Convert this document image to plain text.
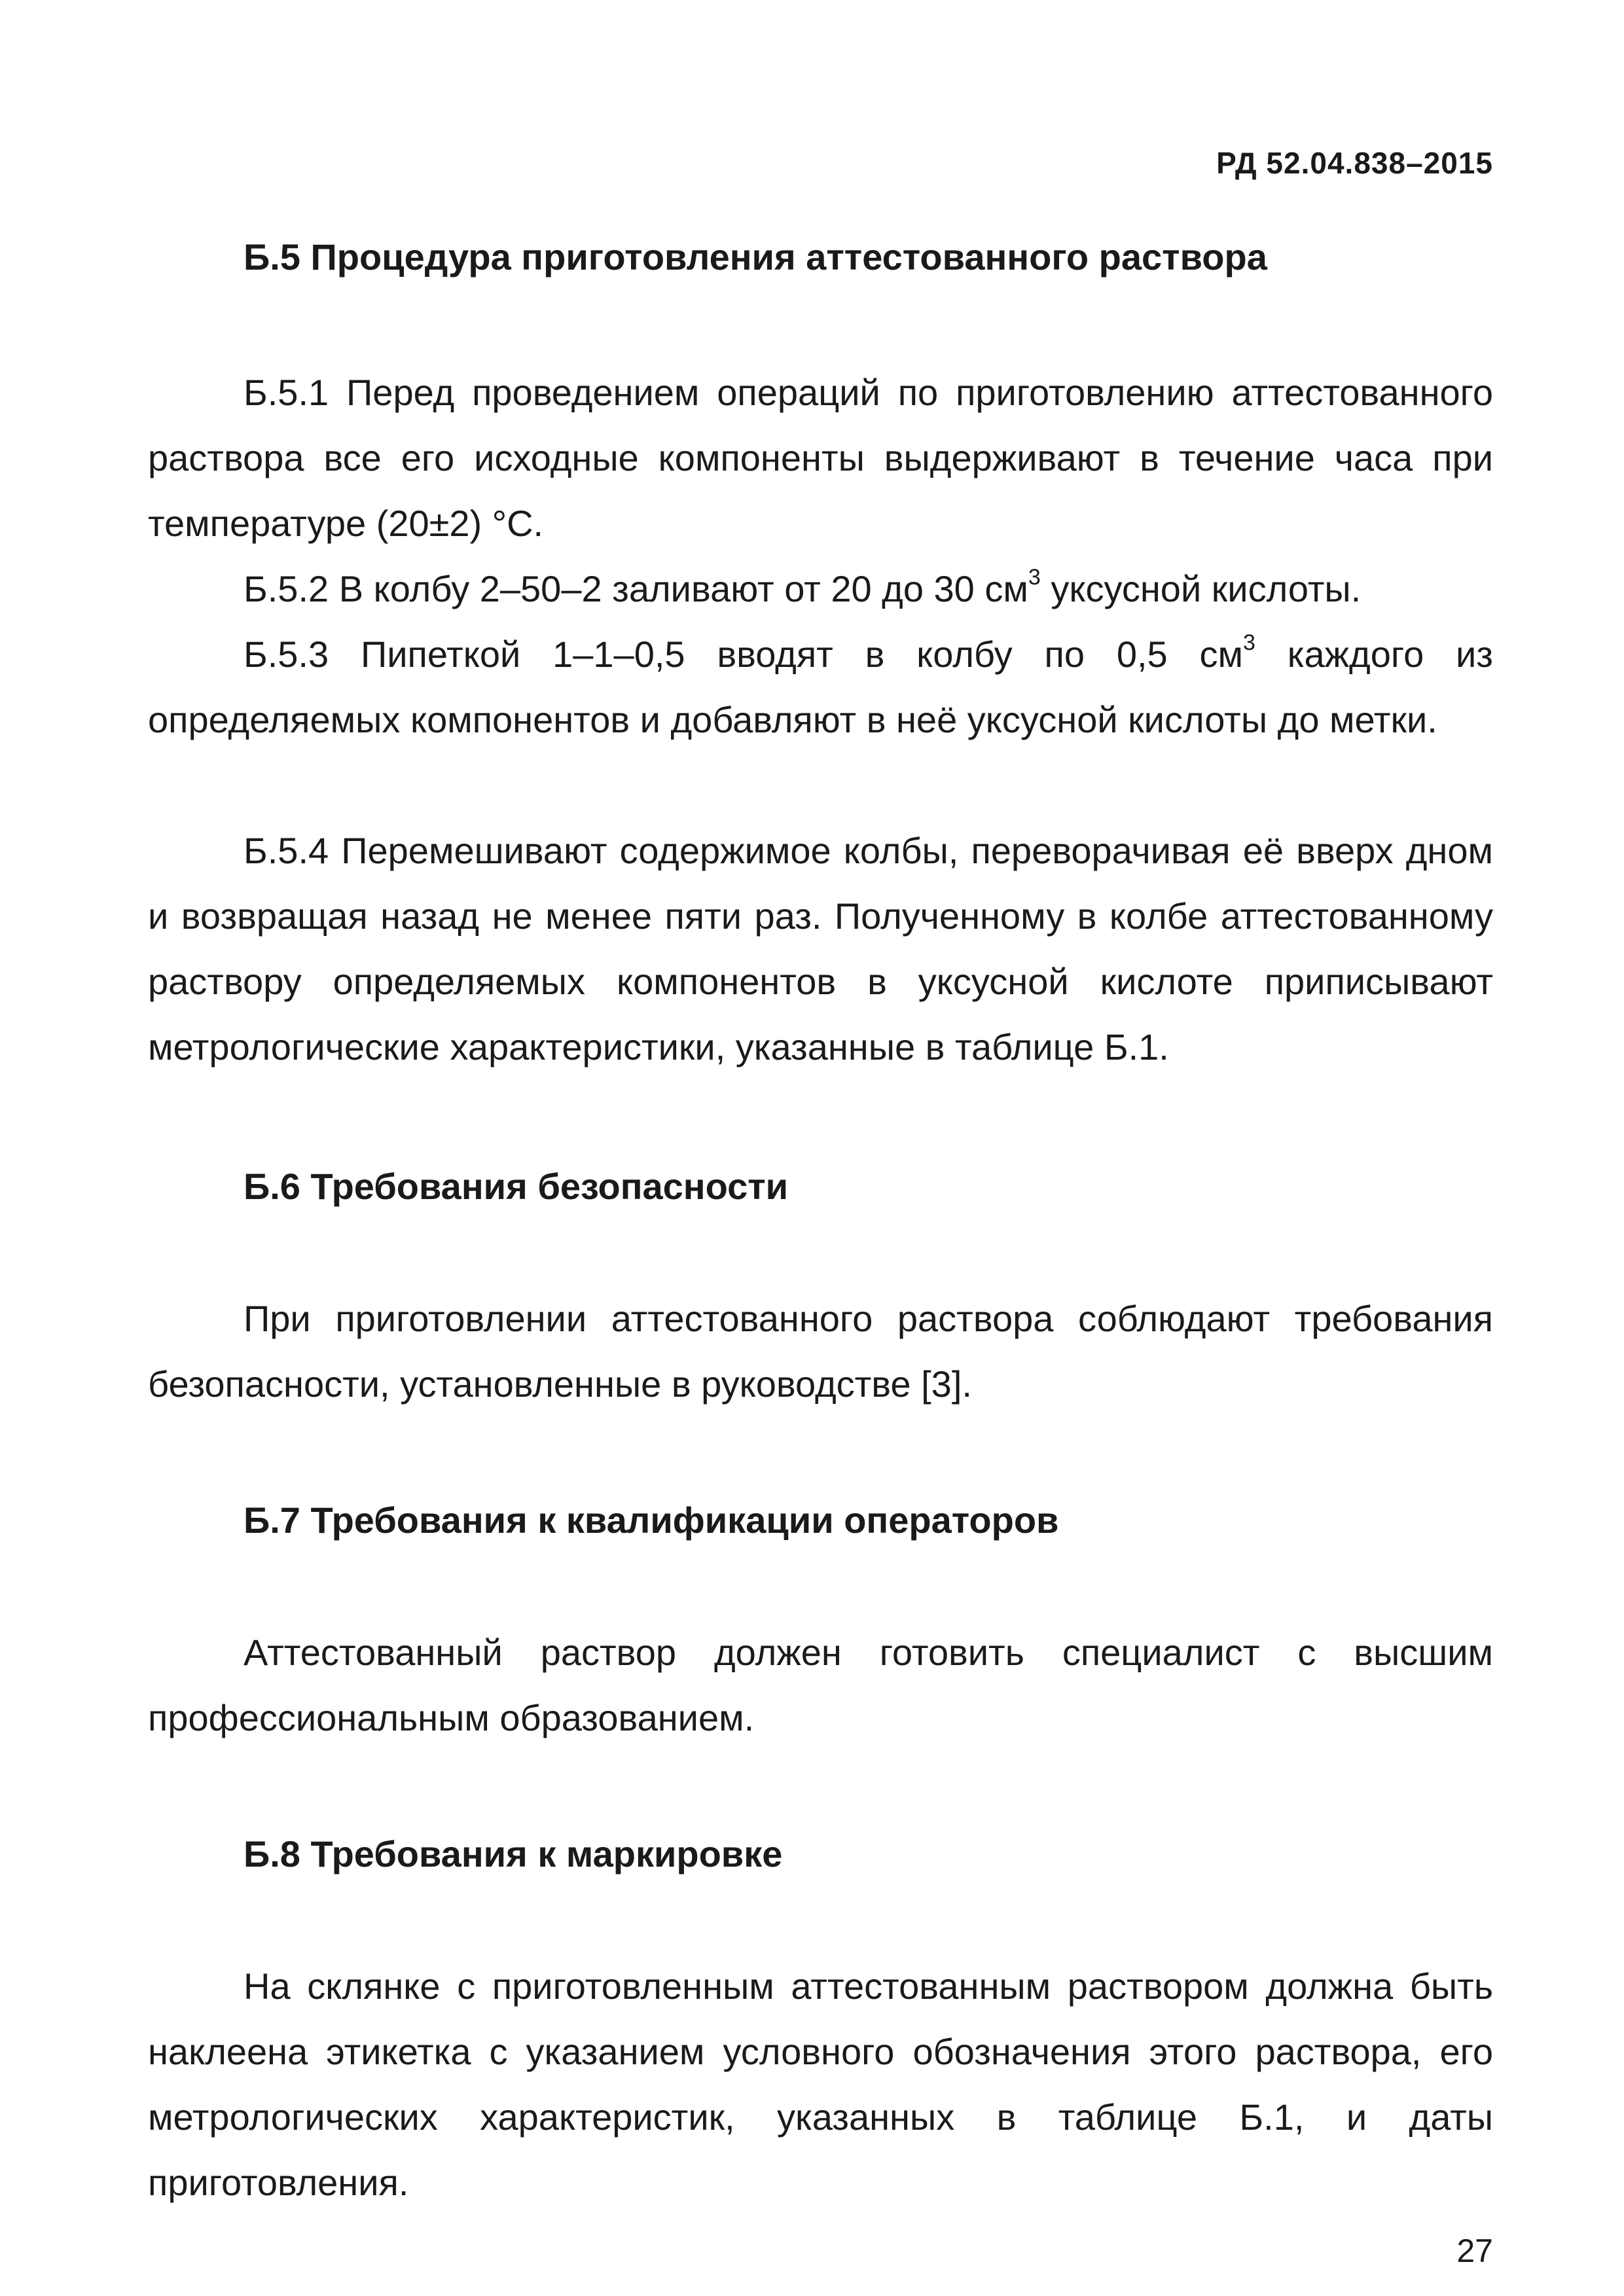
РД 52.04.838–2015
Б.5 Процедура приготовления аттестованного раствора

Б.5.1 Перед проведением операций по приготовлению аттестованного раствора все его исходные компоненты выдерживают в течение часа при температуре (20±2) °С.

Б.5.2 В колбу 2–50–2 заливают от 20 до 30 $см^3$ уксусной кислоты.

Б.5.3 Пипеткой 1–1–0,5 вводят в колбу по 0,5 $см^3$ каждого из определяемых компонентов и добавляют в неё уксусной кислоты до метки.

Б.5.4 Перемешивают содержимое колбы, переворачивая её вверх дном и возвращая назад не менее пяти раз. Полученному в колбе аттестованному раствору определяемых компонентов в уксусной кислоте приписывают метрологические характеристики, указанные в таблице Б.1.

Б.6 Требования безопасности

При приготовлении аттестованного раствора соблюдают требования безопасности, установленные в руководстве [3].

Б.7 Требования к квалификации операторов

Аттестованный раствор должен готовить специалист с высшим профессиональным образованием.

Б.8 Требования к маркировке

На склянке с приготовленным аттестованным раствором должна быть наклеена этикетка с указанием условного обозначения этого раствора, его метрологических характеристик, указанных в таблице Б.1, и даты приготовления.

27
